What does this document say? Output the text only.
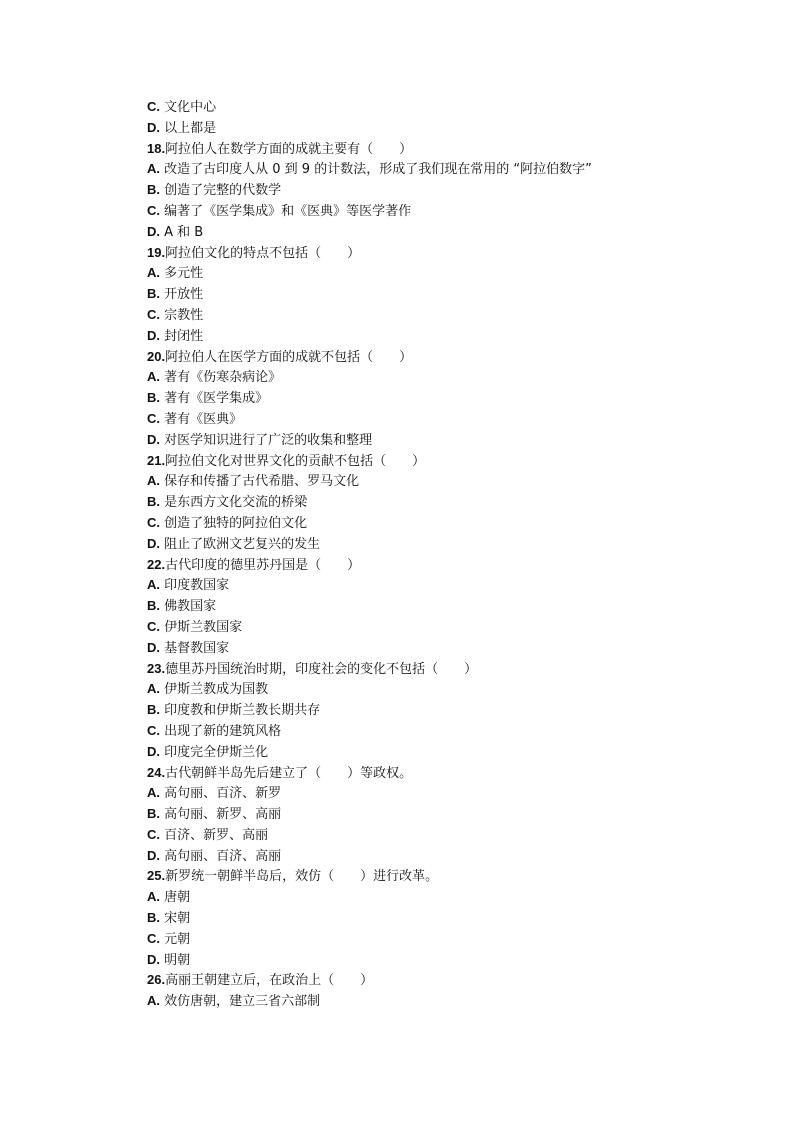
C. 文化中心
D. 以上都是
18.阿拉伯人在数学方面的成就主要有（　　）
A. 改造了古印度人从 0 到 9 的计数法，形成了我们现在常用的 “阿拉伯数字”
B. 创造了完整的代数学
C. 编著了《医学集成》和《医典》等医学著作
D. A 和 B
19.阿拉伯文化的特点不包括（　　）
A. 多元性
B. 开放性
C. 宗教性
D. 封闭性
20.阿拉伯人在医学方面的成就不包括（　　）
A. 著有《伤寒杂病论》
B. 著有《医学集成》
C. 著有《医典》
D. 对医学知识进行了广泛的收集和整理
21.阿拉伯文化对世界文化的贡献不包括（　　）
A. 保存和传播了古代希腊、罗马文化
B. 是东西方文化交流的桥梁
C. 创造了独特的阿拉伯文化
D. 阻止了欧洲文艺复兴的发生
22.古代印度的德里苏丹国是（　　）
A. 印度教国家
B. 佛教国家
C. 伊斯兰教国家
D. 基督教国家
23.德里苏丹国统治时期，印度社会的变化不包括（　　）
A. 伊斯兰教成为国教
B. 印度教和伊斯兰教长期共存
C. 出现了新的建筑风格
D. 印度完全伊斯兰化
24.古代朝鲜半岛先后建立了（　　）等政权。
A. 高句丽、百济、新罗
B. 高句丽、新罗、高丽
C. 百济、新罗、高丽
D. 高句丽、百济、高丽
25.新罗统一朝鲜半岛后，效仿（　　）进行改革。
A. 唐朝
B. 宋朝
C. 元朝
D. 明朝
26.高丽王朝建立后，在政治上（　　）
A. 效仿唐朝，建立三省六部制
